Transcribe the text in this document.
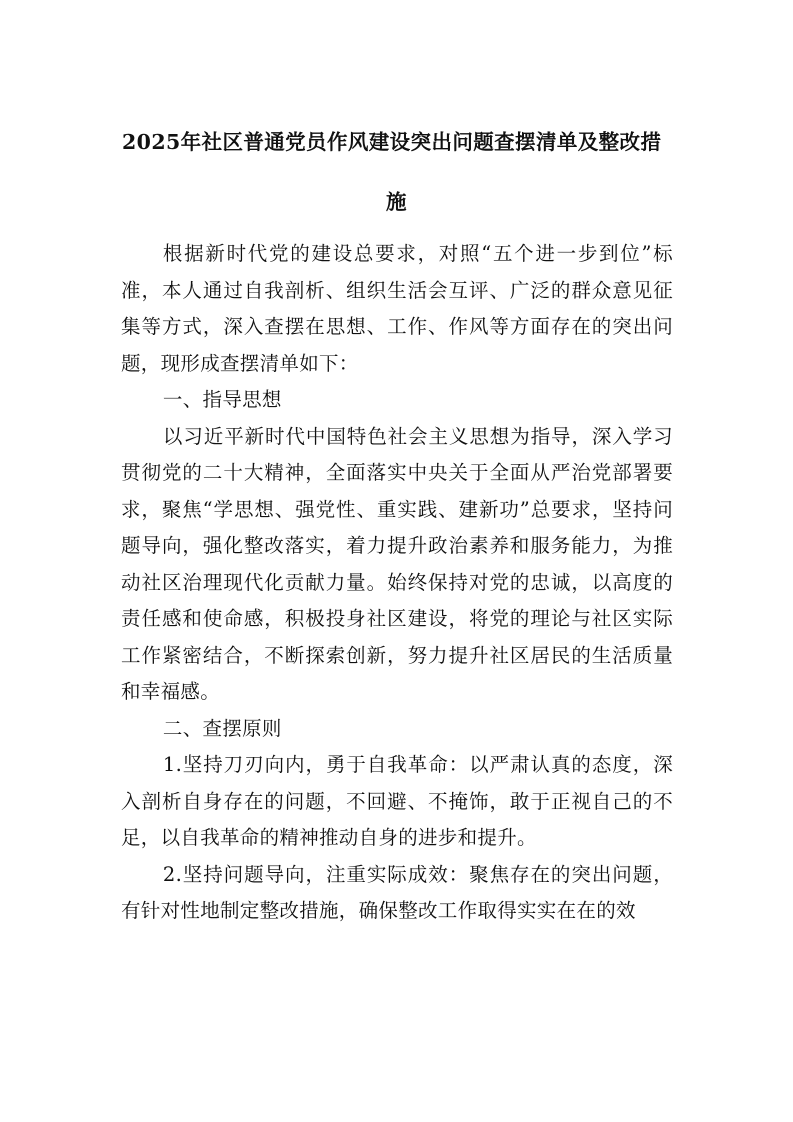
2025年社区普通党员作风建设突出问题查摆清单及整改措
施

根据新时代党的建设总要求，对照“五个进一步到位”标准，本人通过自我剖析、组织生活会互评、广泛的群众意见征集等方式，深入查摆在思想、工作、作风等方面存在的突出问题，现形成查摆清单如下：

一、指导思想

以习近平新时代中国特色社会主义思想为指导，深入学习贯彻党的二十大精神，全面落实中央关于全面从严治党部署要求，聚焦“学思想、强党性、重实践、建新功”总要求，坚持问题导向，强化整改落实，着力提升政治素养和服务能力，为推动社区治理现代化贡献力量。始终保持对党的忠诚，以高度的责任感和使命感，积极投身社区建设，将党的理论与社区实际工作紧密结合，不断探索创新，努力提升社区居民的生活质量和幸福感。

二、查摆原则

1.坚持刀刃向内，勇于自我革命：以严肃认真的态度，深入剖析自身存在的问题，不回避、不掩饰，敢于正视自己的不足，以自我革命的精神推动自身的进步和提升。

2.坚持问题导向，注重实际成效：聚焦存在的突出问题，有针对性地制定整改措施，确保整改工作取得实实在在的效
